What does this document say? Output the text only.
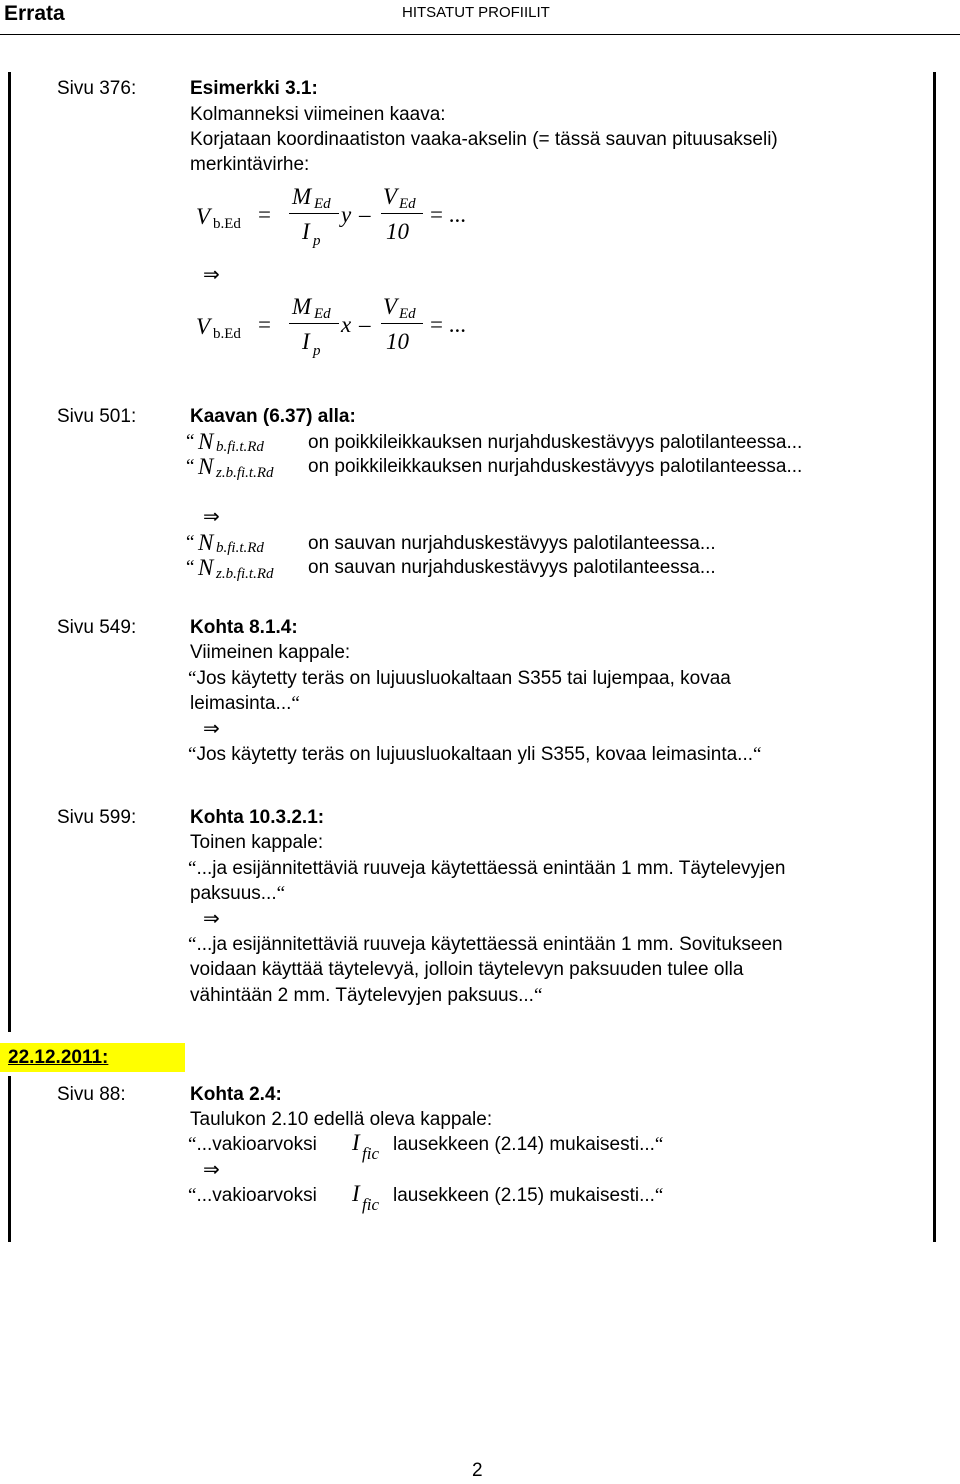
Errata	HITSATUT PROFIILIT
Sivu 376:	Esimerkki 3.1:
Kolmanneksi viimeinen kaava:
Korjataan koordinaatiston vaaka-akselin (= tässä sauvan pituusakseli)
merkintävirhe:
V b.Ed =
M Ed
I p
y –
V Ed
10
= ...
⇒
V b.Ed =
M Ed
I p
x –
V Ed
10
= ...
Sivu 501:	Kaavan (6.37) alla:
“ N b.fi.t.Rd on poikkileikkauksen nurjahduskestävyys palotilanteessa...
“ N z.b.fi.t.Rd on poikkileikkauksen nurjahduskestävyys palotilanteessa...
⇒
“ N b.fi.t.Rd on sauvan nurjahduskestävyys palotilanteessa...
“ N z.b.fi.t.Rd on sauvan nurjahduskestävyys palotilanteessa...
Sivu 549:	Kohta 8.1.4:
Viimeinen kappale:
“Jos käytetty teräs on lujuusluokaltaan S355 tai lujempaa, kovaa
leimasinta...“
⇒
“Jos käytetty teräs on lujuusluokaltaan yli S355, kovaa leimasinta...“
Sivu 599:	Kohta 10.3.2.1:
Toinen kappale:
“...ja esijännitettäviä ruuveja käytettäessä enintään 1 mm. Täytelevyjen
paksuus...“
⇒
“...ja esijännitettäviä ruuveja käytettäessä enintään 1 mm. Sovitukseen
voidaan käyttää täytelevyä, jolloin täytelevyn paksuuden tulee olla
vähintään 2 mm. Täytelevyjen paksuus...“
22.12.2011:
Sivu 88:	Kohta 2.4:
Taulukon 2.10 edellä oleva kappale:
“...vakioarvoksi I fic lausekkeen (2.14) mukaisesti...“
⇒
“...vakioarvoksi I fic lausekkeen (2.15) mukaisesti...“
2
